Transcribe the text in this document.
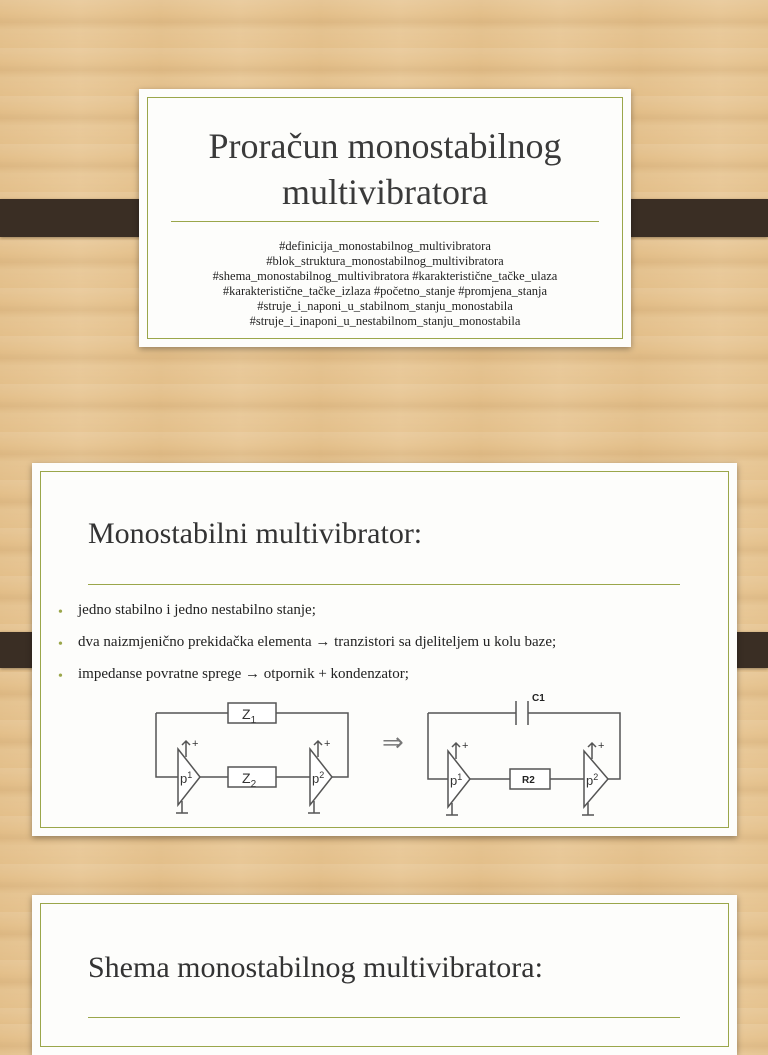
Proračun monostabilnog
multivibratora
#definicija_monostabilnog_multivibratora
#blok_struktura_monostabilnog_multivibratora
#shema_monostabilnog_multivibratora #karakteristične_tačke_ulaza
#karakteristične_tačke_izlaza #početno_stanje #promjena_stanja
#struje_i_naponi_u_stabilnom_stanju_monostabila
#struje_i_inaponi_u_nestabilnom_stanju_monostabila
Monostabilni multivibrator:
• jedno stabilno i jedno nestabilno stanje;
• dva naizmjenično prekidačka elementa → tranzistori sa djeliteljem u kolu baze;
• impedanse povratne sprege → otpornik + kondenzator;
$Z_1$
$Z_2$
$p^1$	$p^2$
+	+ ⇒
C1
R2
$p^1$	$p^2$
+	+
Shema monostabilnog multivibratora:
